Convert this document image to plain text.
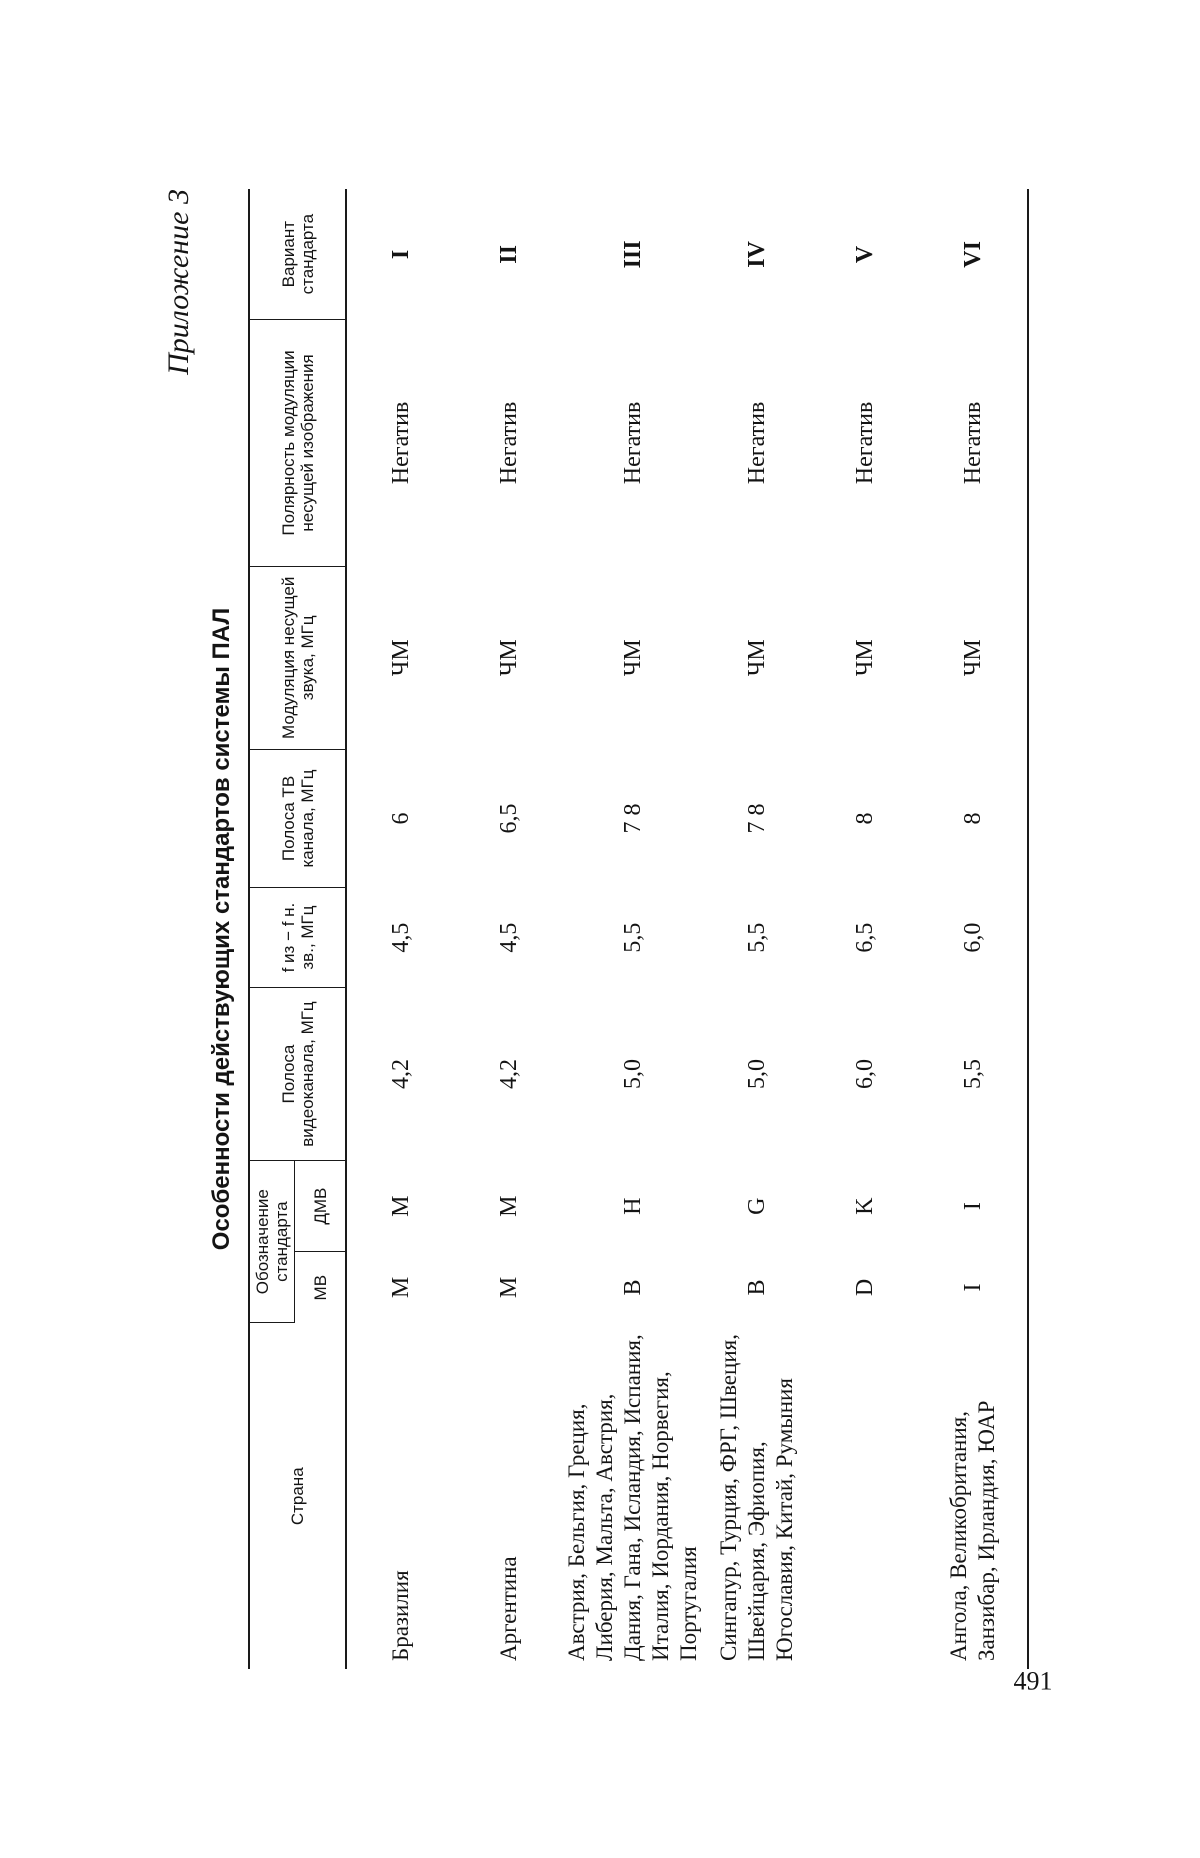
Приложение 3
Особенности действующих стандартов системы ПАЛ
Страна	Обозначение стандарта		Полоса видеоканала, МГц	f из − f н. зв., МГц	Полоса ТВ канала, МГц	Модуляция несущей звука, МГц	Полярность модуляции несущей изображения	Вариант стандарта
	МВ	ДМВ						
Бразилия	M	M	4,2	4,5	6	ЧМ	Негатив	I
Аргентина	M	M	4,2	4,5	6,5	ЧМ	Негатив	II
Австрия, Бельгия, Греция, Либерия, Мальта, Австрия, Дания, Гана, Исландия, Испания, Италия, Иордания, Норвегия, Португалия	B	H	5,0	5,5	7 8	ЧМ	Негатив	III
Сингапур, Турция, ФРГ, Швеция, Швейцария, Эфиопия, Югославия, Китай, Румыния	B	G	5,0	5,5	7 8	ЧМ	Негатив	IV
	D	K	6,0	6,5	8	ЧМ	Негатив	V
Ангола, Великобритания, Занзибар, Ирландия, ЮАР	I	I	5,5	6,0	8	ЧМ	Негатив	VI
491
